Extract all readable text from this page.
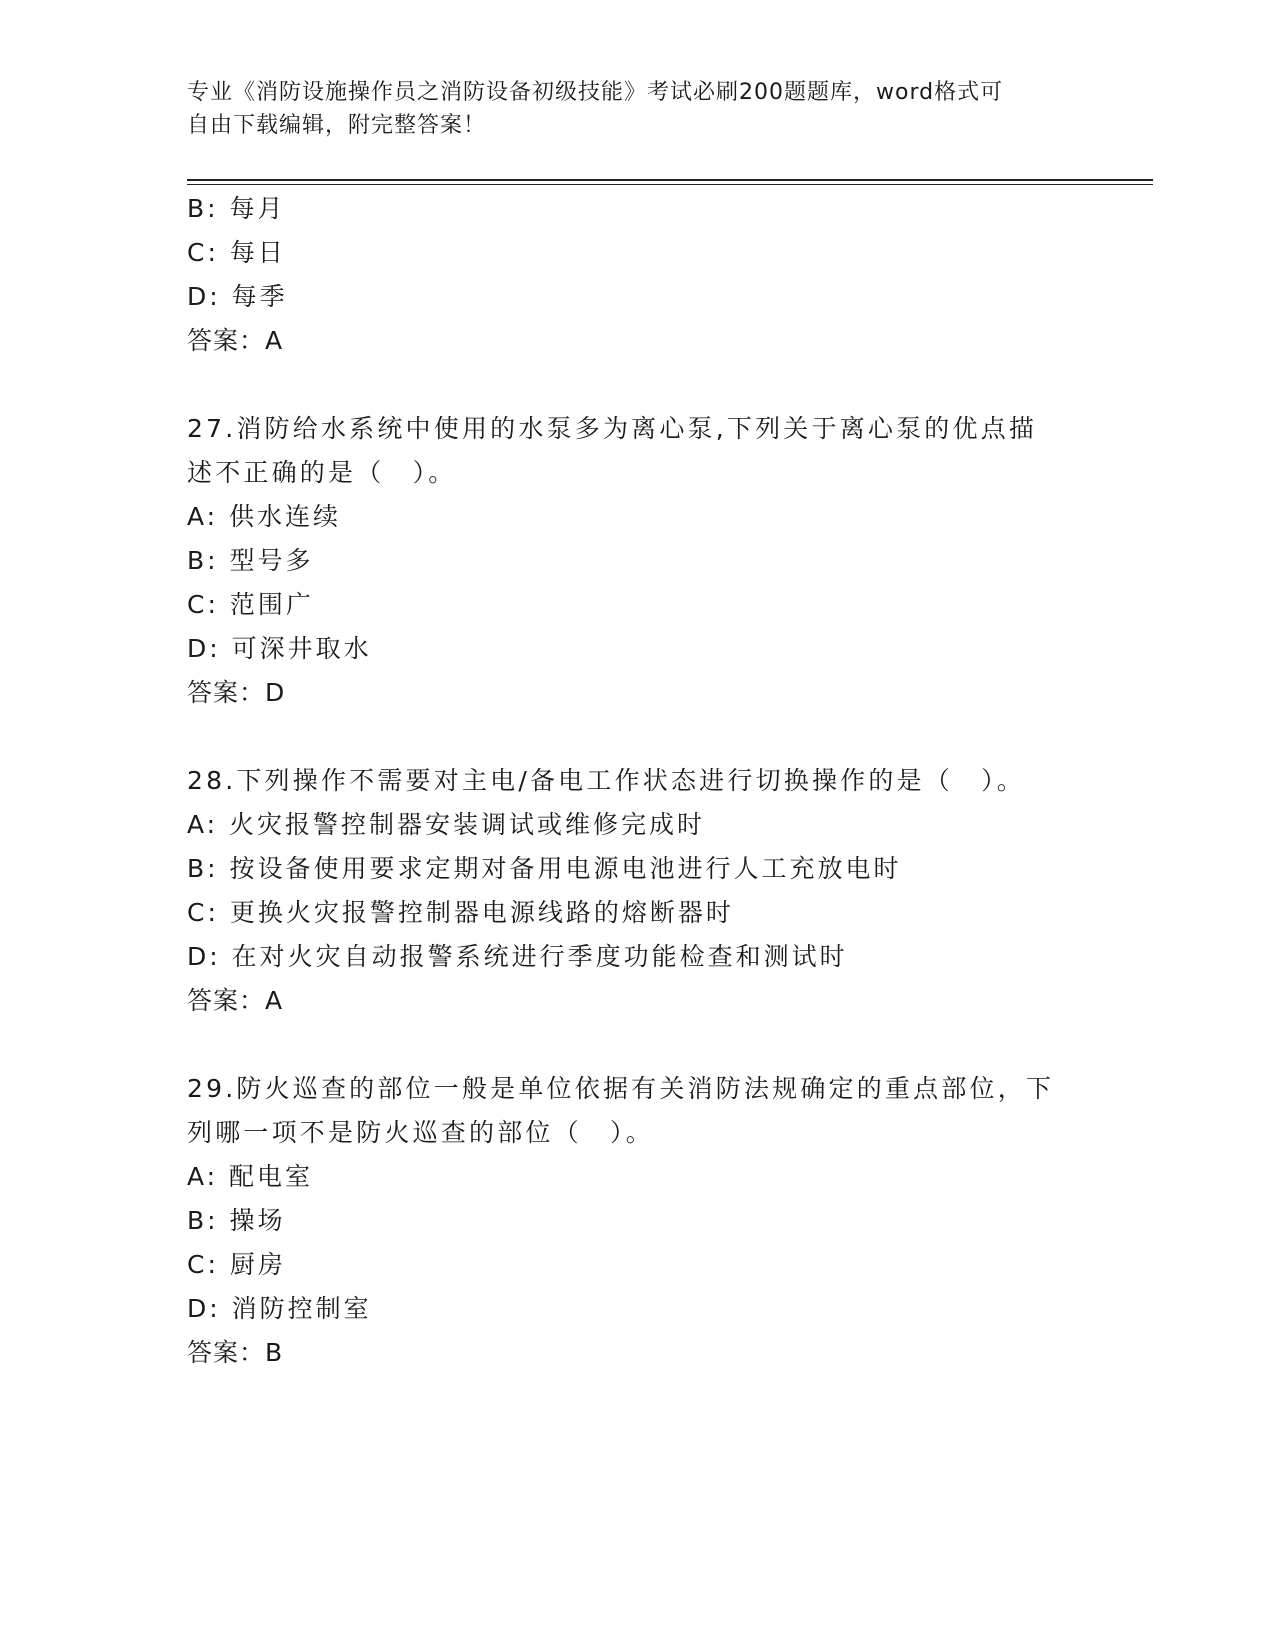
专业《消防设施操作员之消防设备初级技能》考试必刷200题题库，word格式可
自由下载编辑，附完整答案！
B: 每月
C: 每日
D: 每季
答案：A
27.消防给水系统中使用的水泵多为离心泵,下列关于离心泵的优点描
述不正确的是（　）。
A: 供水连续
B: 型号多
C: 范围广
D: 可深井取水
答案：D
28.下列操作不需要对主电/备电工作状态进行切换操作的是（　）。
A: 火灾报警控制器安装调试或维修完成时
B: 按设备使用要求定期对备用电源电池进行人工充放电时
C: 更换火灾报警控制器电源线路的熔断器时
D: 在对火灾自动报警系统进行季度功能检查和测试时
答案：A
29.防火巡查的部位一般是单位依据有关消防法规确定的重点部位，下
列哪一项不是防火巡查的部位（　）。
A: 配电室
B: 操场
C: 厨房
D: 消防控制室
答案：B
